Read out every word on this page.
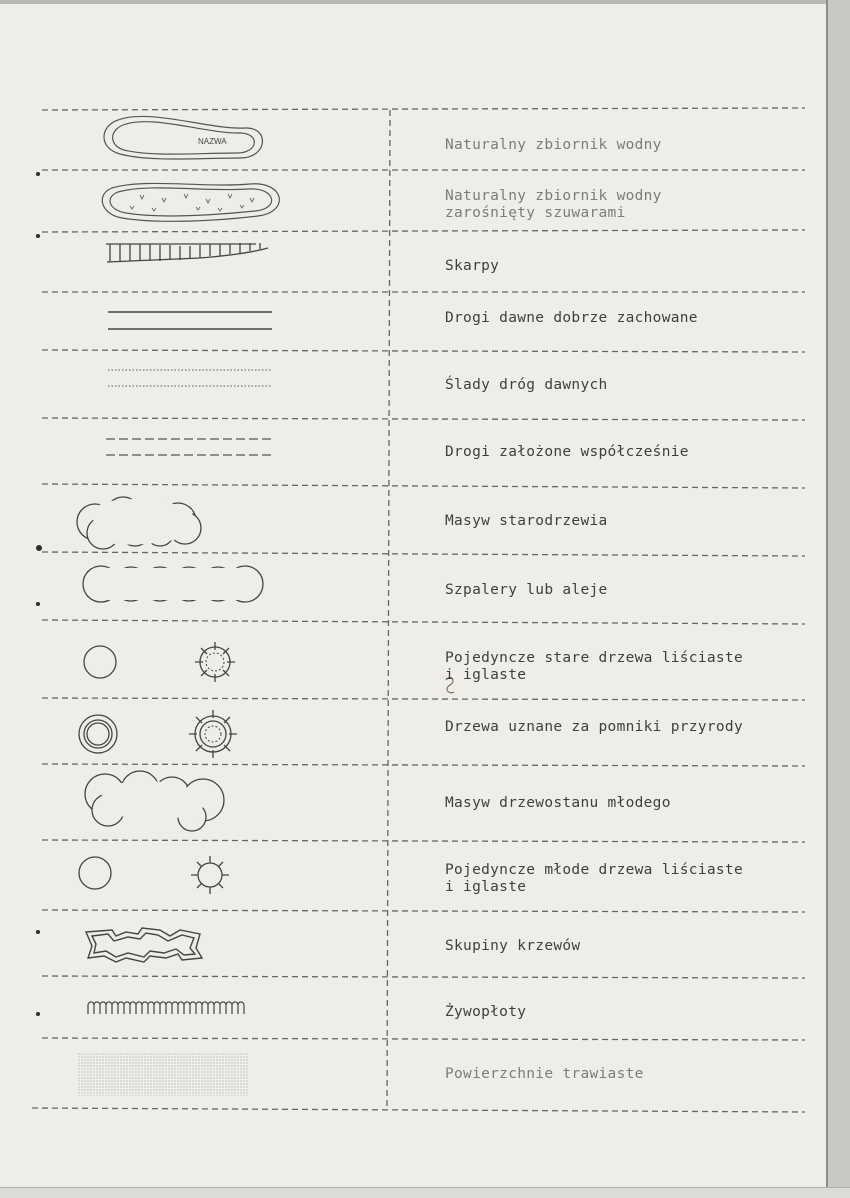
NAZWA	Naturalny zbiornik wodny
Naturalny zbiornik wodny
zarośnięty szuwarami
Skarpy
Drogi dawne dobrze zachowane
Ślady dróg dawnych
Drogi założone współcześnie
Masyw starodrzewia
Szpalery lub aleje
Pojedyncze stare drzewa liściaste
i iglaste
Drzewa uznane za pomniki przyrody
Masyw drzewostanu młodego
Pojedyncze młode drzewa liściaste
i iglaste
Skupiny krzewów
Żywopłoty
Powierzchnie trawiaste
